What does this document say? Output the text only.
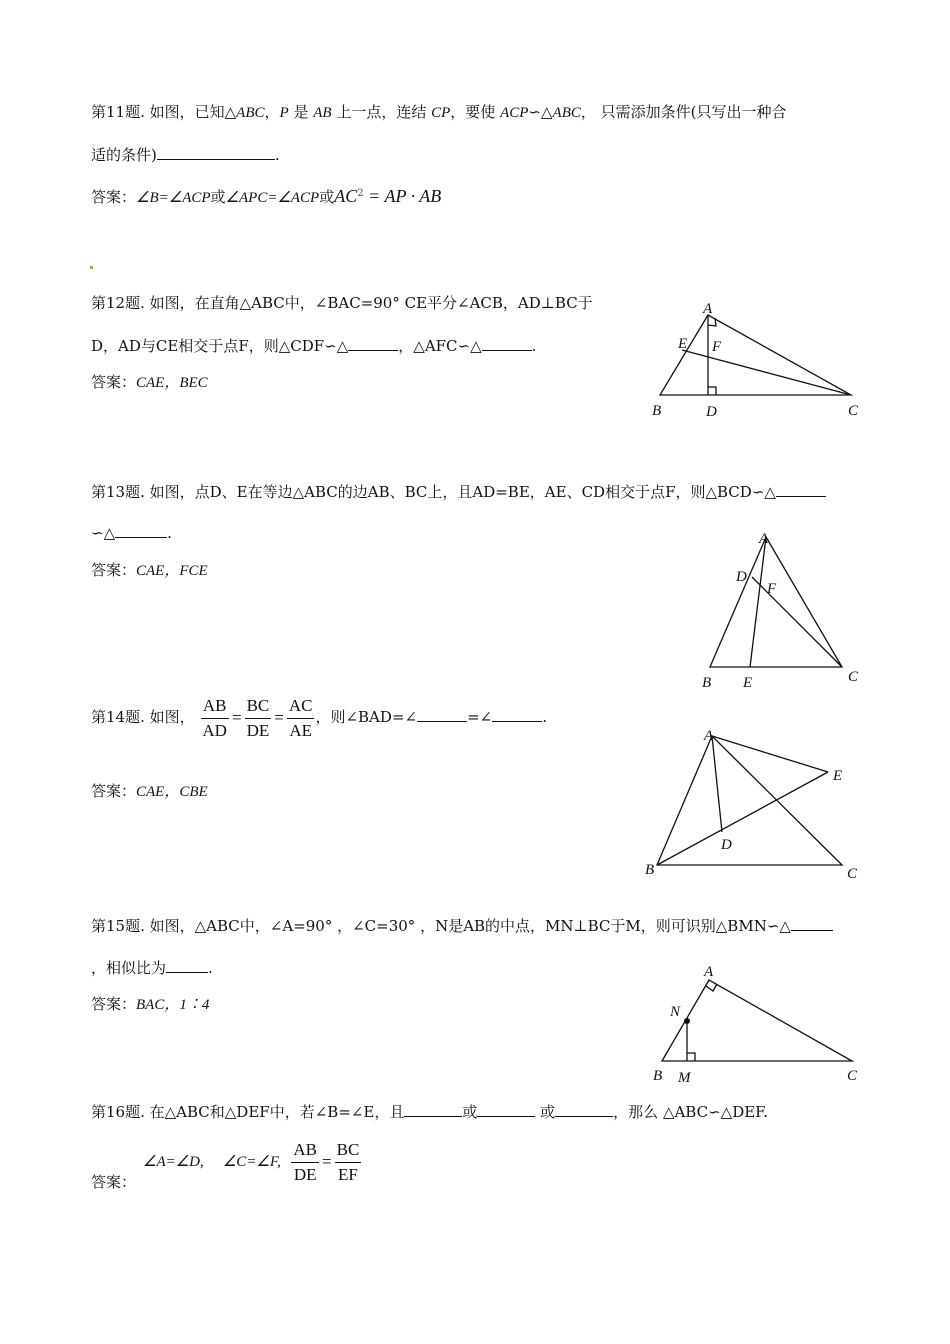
第11题. 如图，已知△ABC，P 是 AB 上一点，连结 CP，要使 ACP∽△ABC， 只需添加条件(只写出一种合
适的条件)	.
答案：∠B=∠ACP或∠APC=∠ACP或$AC^2$ = AP · AB
第12题. 如图，在直角△ABC中，∠BAC=90° CE平分∠ACB，AD⊥BC于
D，AD与CE相交于点F，则△CDF∽△	，△AFC∽△	.
答案：CAE，BEC
A
B	C
D
E F
第13题. 如图，点D、E在等边△ABC的边AB、BC上，且AD=BE，AE、CD相交于点F，则△BCD∽△
∽△	.
答案：CAE，FCE
A
B	C
D
E
F
第14题. 如图， $\frac{AB}{AD} = \frac{BC}{DE} = \frac{AC}{AE}$ ，则∠BAD=∠	=∠	.
答案：CAE，CBE
A
B	C
D
E
第15题. 如图，△ABC中，∠A=90° ，∠C=30° ，N是AB的中点，MN⊥BC于M，则可识别△BMN∽△
，相似比为	.
答案：BAC，1∶4
A
B	C
M
N
第16题. 在△ABC和△DEF中，若∠B=∠E，且	或	或	，那么 △ABC∽△DEF.
答案：
∠A=∠D, ∠C=∠F, $\frac{AB}{DE} = \frac{BC}{EF}$
